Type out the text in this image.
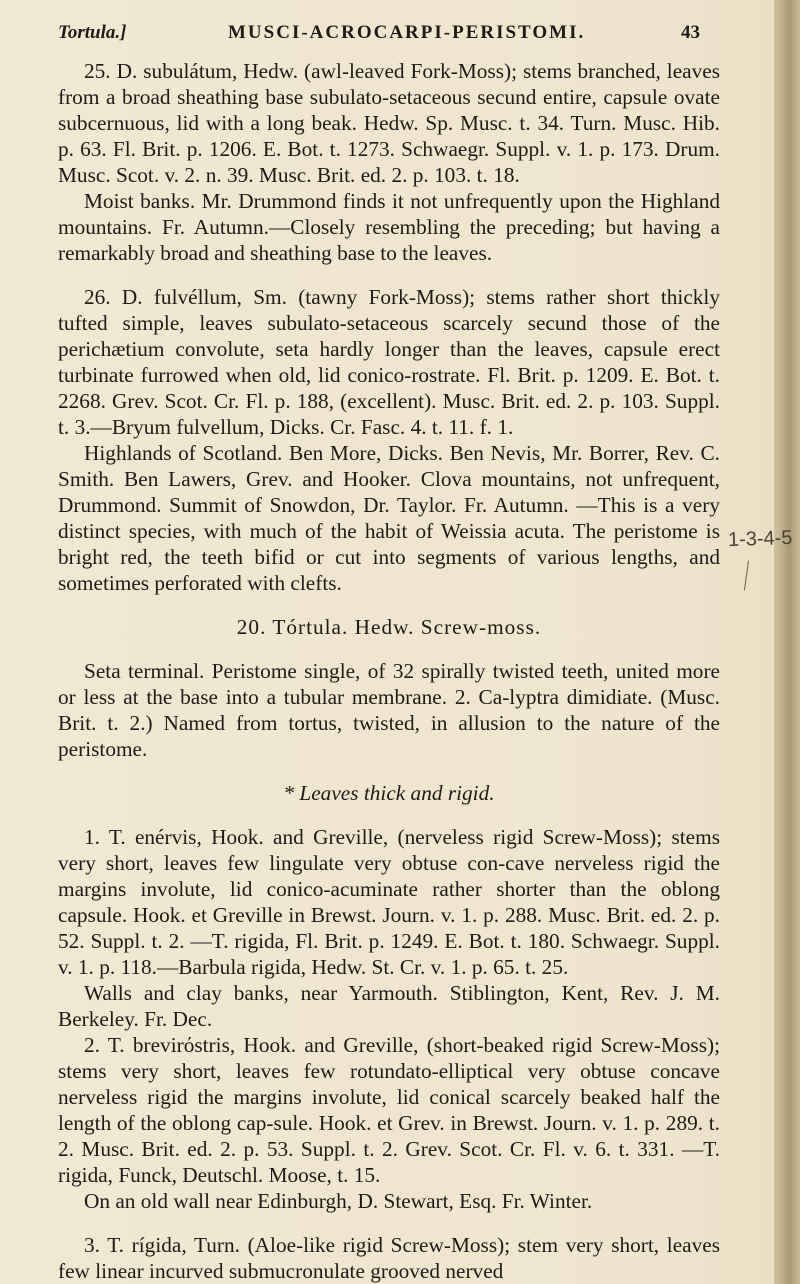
Tortula.]	MUSCI-ACROCARPI-PERISTOMI.	43

25. D. subulátum, Hedw. (awl-leaved Fork-Moss); stems branched, leaves from a broad sheathing base subulato-setaceous secund entire, capsule ovate subcernuous, lid with a long beak. Hedw. Sp. Musc. t. 34. Turn. Musc. Hib. p. 63. Fl. Brit. p. 1206. E. Bot. t. 1273. Schwaegr. Suppl. v. 1. p. 173. Drum. Musc. Scot. v. 2. n. 39. Musc. Brit. ed. 2. p. 103. t. 18.

Moist banks. Mr. Drummond finds it not unfrequently upon the Highland mountains. Fr. Autumn.—Closely resembling the preceding; but having a remarkably broad and sheathing base to the leaves.

26. D. fulvéllum, Sm. (tawny Fork-Moss); stems rather short thickly tufted simple, leaves subulato-setaceous scarcely secund those of the perichætium convolute, seta hardly longer than the leaves, capsule erect turbinate furrowed when old, lid conico-rostrate. Fl. Brit. p. 1209. E. Bot. t. 2268. Grev. Scot. Cr. Fl. p. 188, (excellent). Musc. Brit. ed. 2. p. 103. Suppl. t. 3.—Bryum fulvellum, Dicks. Cr. Fasc. 4. t. 11. f. 1.

Highlands of Scotland. Ben More, Dicks. Ben Nevis, Mr. Borrer, Rev. C. Smith. Ben Lawers, Grev. and Hooker. Clova mountains, not unfrequent, Drummond. Summit of Snowdon, Dr. Taylor. Fr. Autumn. —This is a very distinct species, with much of the habit of Weissia acuta. The peristome is bright red, the teeth bifid or cut into segments of various lengths, and sometimes perforated with clefts.

20. Tórtula. Hedw. Screw-moss.

Seta terminal. Peristome single, of 32 spirally twisted teeth, united more or less at the base into a tubular membrane. 2. Ca-lyptra dimidiate. (Musc. Brit. t. 2.) Named from tortus, twisted, in allusion to the nature of the peristome.

* Leaves thick and rigid.

1. T. enérvis, Hook. and Greville, (nerveless rigid Screw-Moss); stems very short, leaves few lingulate very obtuse con-cave nerveless rigid the margins involute, lid conico-acuminate rather shorter than the oblong capsule. Hook. et Greville in Brewst. Journ. v. 1. p. 288. Musc. Brit. ed. 2. p. 52. Suppl. t. 2. —T. rigida, Fl. Brit. p. 1249. E. Bot. t. 180. Schwaegr. Suppl. v. 1. p. 118.—Barbula rigida, Hedw. St. Cr. v. 1. p. 65. t. 25.

Walls and clay banks, near Yarmouth. Stiblington, Kent, Rev. J. M. Berkeley. Fr. Dec.

2. T. brevirόstris, Hook. and Greville, (short-beaked rigid Screw-Moss); stems very short, leaves few rotundato-elliptical very obtuse concave nerveless rigid the margins involute, lid conical scarcely beaked half the length of the oblong cap-sule. Hook. et Grev. in Brewst. Journ. v. 1. p. 289. t. 2. Musc. Brit. ed. 2. p. 53. Suppl. t. 2. Grev. Scot. Cr. Fl. v. 6. t. 331. —T. rigida, Funck, Deutschl. Moose, t. 15.

On an old wall near Edinburgh, D. Stewart, Esq. Fr. Winter.

3. T. rígida, Turn. (Aloe-like rigid Screw-Moss); stem very short, leaves few linear incurved submucronulate grooved nerved

1-3-4-5
